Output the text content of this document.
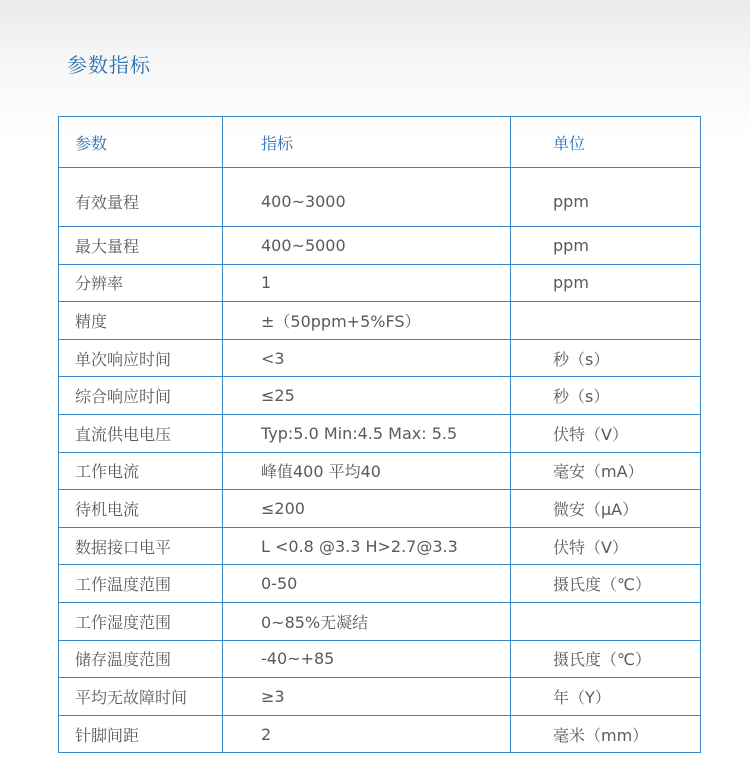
参数指标
参数	指标	单位
有效量程	400~3000	ppm
最大量程	400~5000	ppm
分辨率	1	ppm
精度	±（50ppm+5%FS）	
单次响应时间	<3	秒（s）
综合响应时间	≤25	秒（s）
直流供电电压	Typ:5.0 Min:4.5 Max: 5.5	伏特（V）
工作电流	峰值400 平均40	毫安（mA）
待机电流	≤200	微安（μA）
数据接口电平	L <0.8 @3.3 H>2.7@3.3	伏特（V）
工作温度范围	0-50	摄氏度（℃）
工作湿度范围	0~85%无凝结	
储存温度范围	-40~+85	摄氏度（℃）
平均无故障时间	≥3	年（Y）
针脚间距	2	毫米（mm）
